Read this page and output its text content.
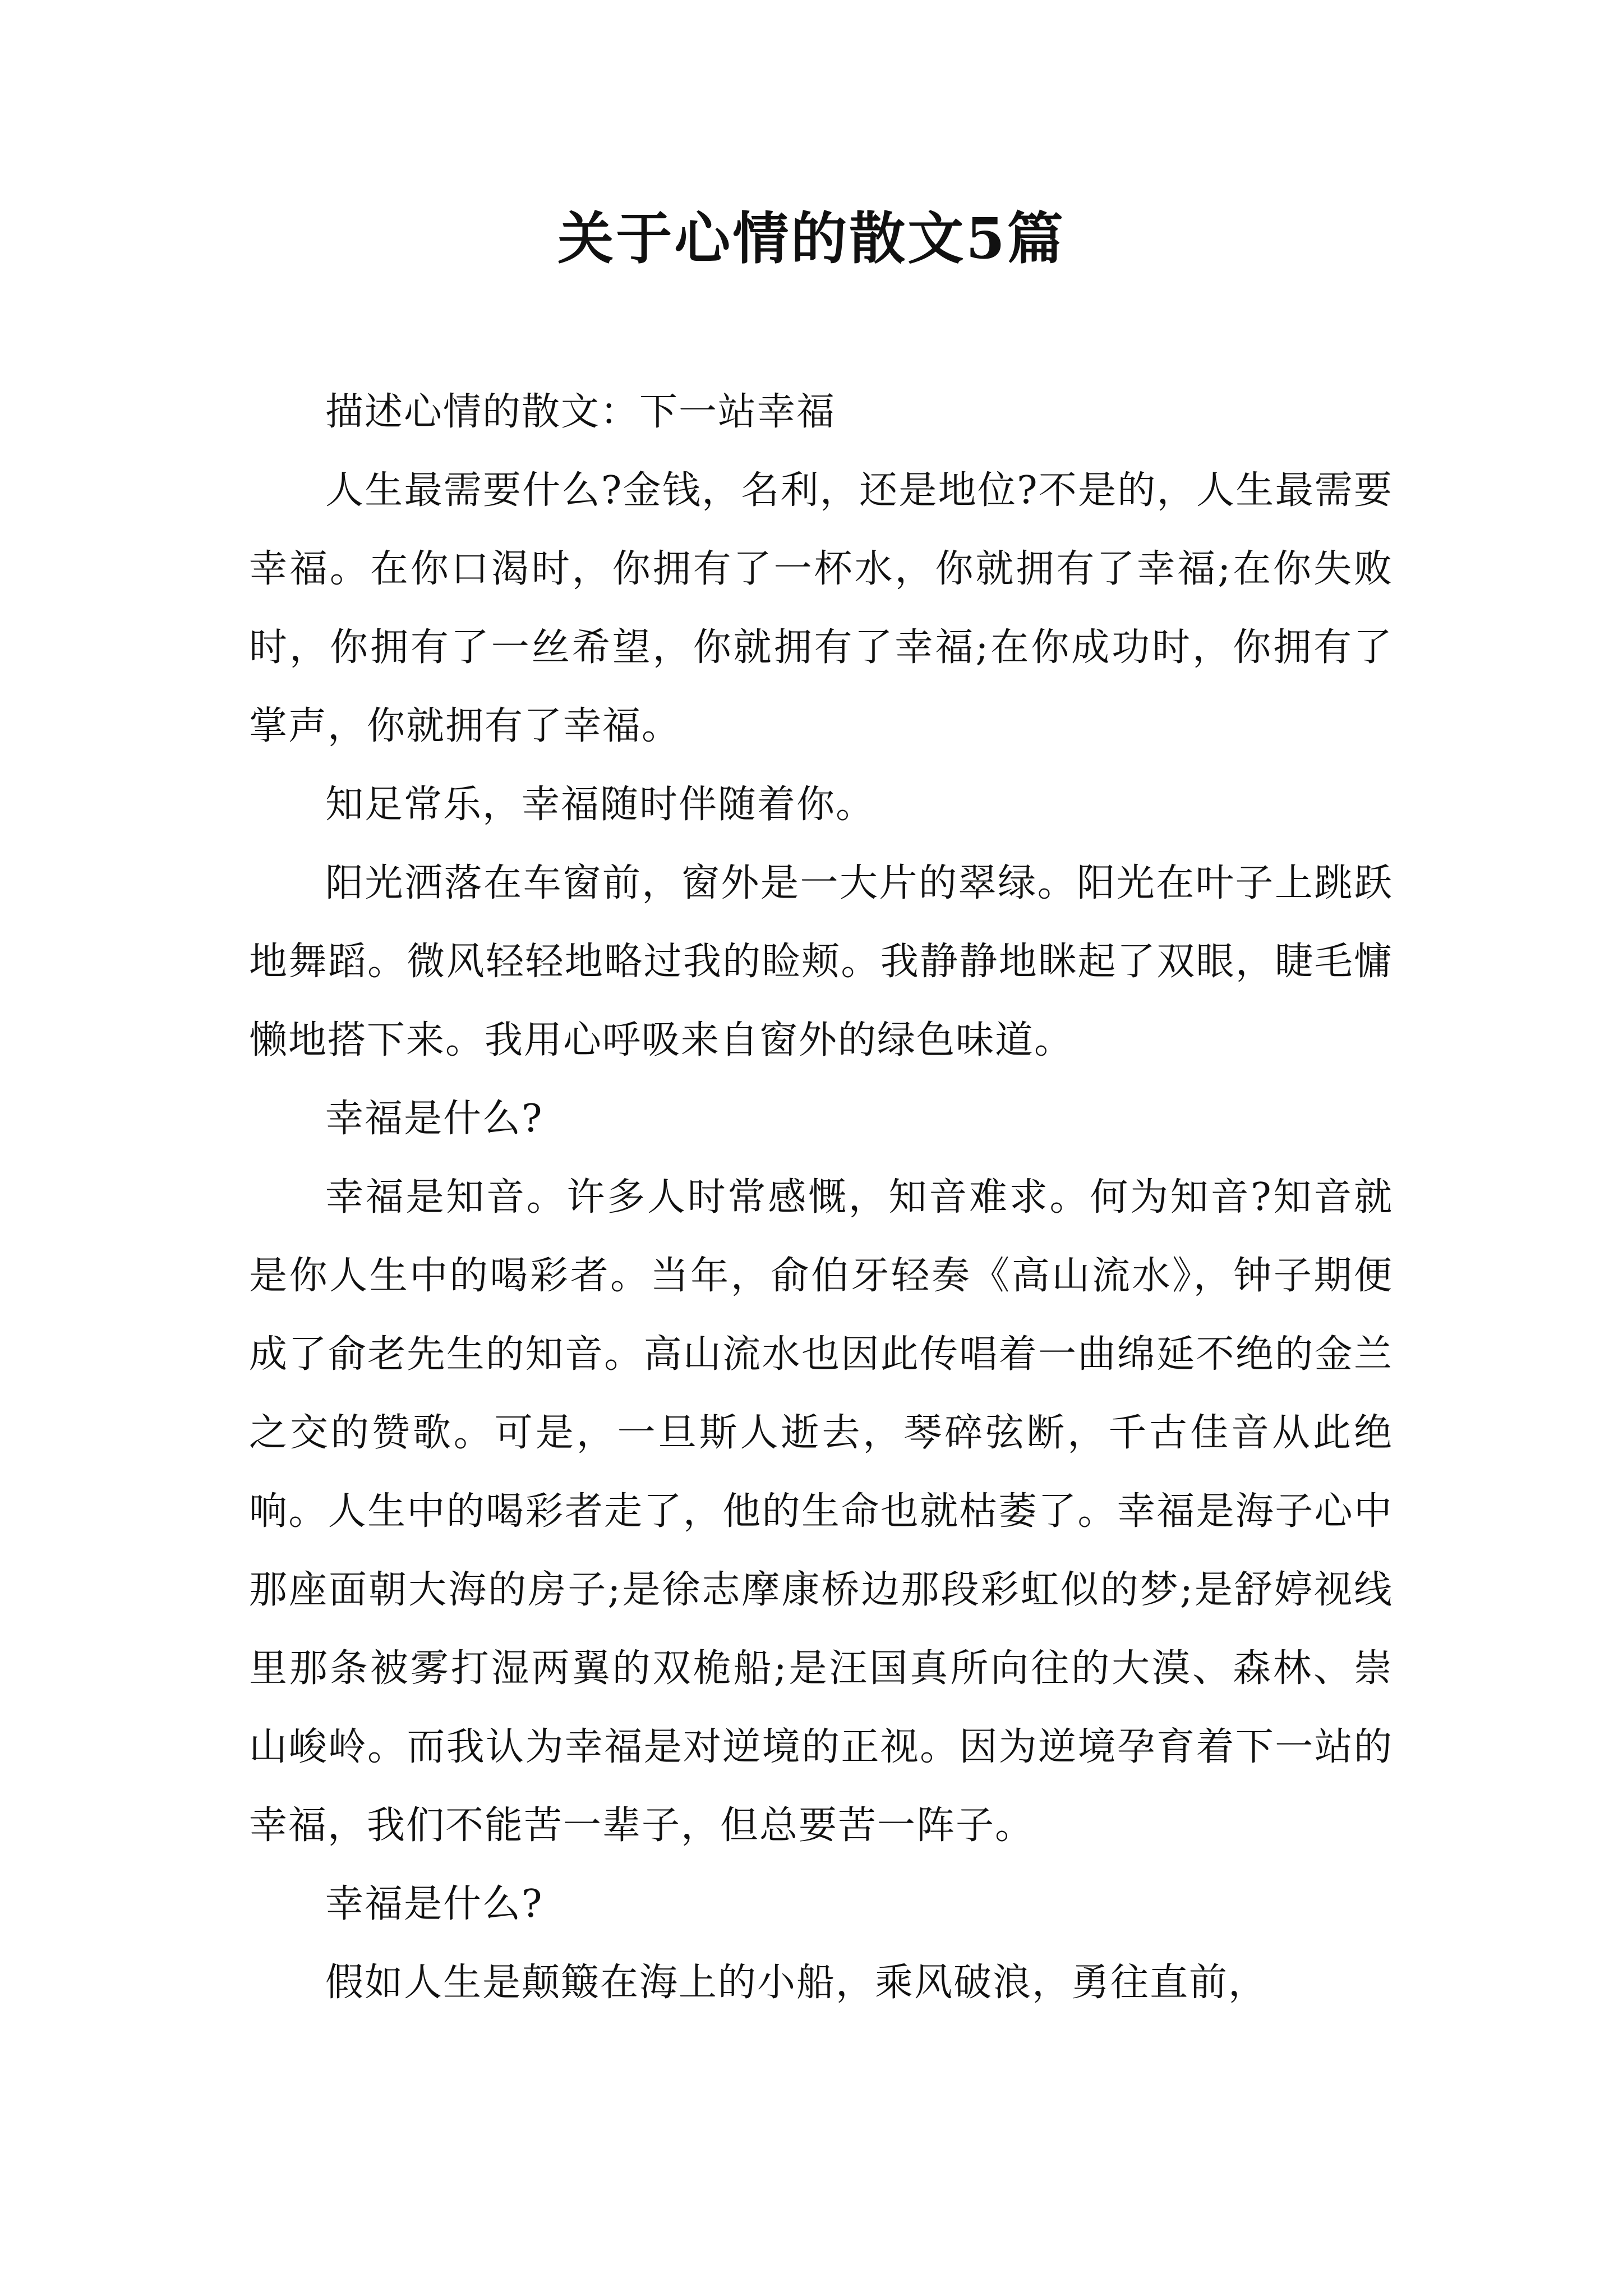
关于心情的散文5篇

描述心情的散文：下一站幸福

人生最需要什么?金钱，名利，还是地位?不是的，人生最需要幸福。在你口渴时，你拥有了一杯水，你就拥有了幸福;在你失败时，你拥有了一丝希望，你就拥有了幸福;在你成功时，你拥有了掌声，你就拥有了幸福。

知足常乐，幸福随时伴随着你。

阳光洒落在车窗前，窗外是一大片的翠绿。阳光在叶子上跳跃地舞蹈。微风轻轻地略过我的睑颊。我静静地眯起了双眼，睫毛慵懒地搭下来。我用心呼吸来自窗外的绿色味道。

幸福是什么?

幸福是知音。许多人时常感慨，知音难求。何为知音?知音就是你人生中的喝彩者。当年，俞伯牙轻奏《高山流水》，钟子期便成了俞老先生的知音。高山流水也因此传唱着一曲绵延不绝的金兰之交的赞歌。可是，一旦斯人逝去，琴碎弦断，千古佳音从此绝响。人生中的喝彩者走了，他的生命也就枯萎了。幸福是海子心中那座面朝大海的房子;是徐志摩康桥边那段彩虹似的梦;是舒婷视线里那条被雾打湿两翼的双桅船;是汪国真所向往的大漠、森林、崇山峻岭。而我认为幸福是对逆境的正视。因为逆境孕育着下一站的幸福，我们不能苦一辈子，但总要苦一阵子。

幸福是什么?

假如人生是颠簸在海上的小船，乘风破浪，勇往直前，
